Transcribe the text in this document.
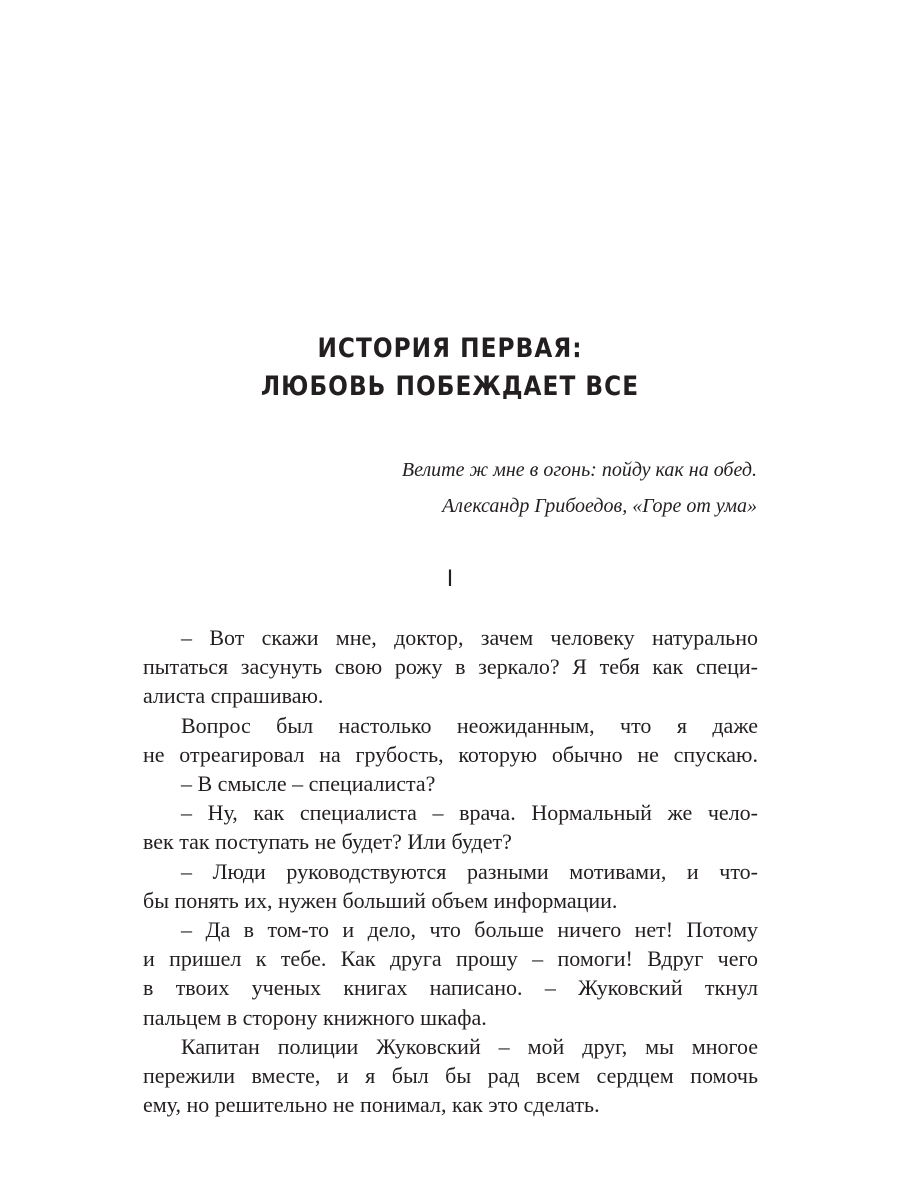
ИСТОРИЯ ПЕРВАЯ:
ЛЮБОВЬ ПОБЕЖДАЕТ ВСЕ
Велите ж мне в огонь: пойду как на обед.
Александр Грибоедов, «Горе от ума»
I
– Вот скажи мне, доктор, зачем человеку натурально
пытаться засунуть свою рожу в зеркало? Я тебя как специ-
алиста спрашиваю.
Вопрос был настолько неожиданным, что я даже
не отреагировал на грубость, которую обычно не спускаю.
– В смысле – специалиста?
– Ну, как специалиста – врача. Нормальный же чело-
век так поступать не будет? Или будет?
– Люди руководствуются разными мотивами, и что-
бы понять их, нужен больший объем информации.
– Да в том-то и дело, что больше ничего нет! Потому
и пришел к тебе. Как друга прошу – помоги! Вдруг чего
в твоих ученых книгах написано. – Жуковский ткнул
пальцем в сторону книжного шкафа.
Капитан полиции Жуковский – мой друг, мы многое
пережили вместе, и я был бы рад всем сердцем помочь
ему, но решительно не понимал, как это сделать.
